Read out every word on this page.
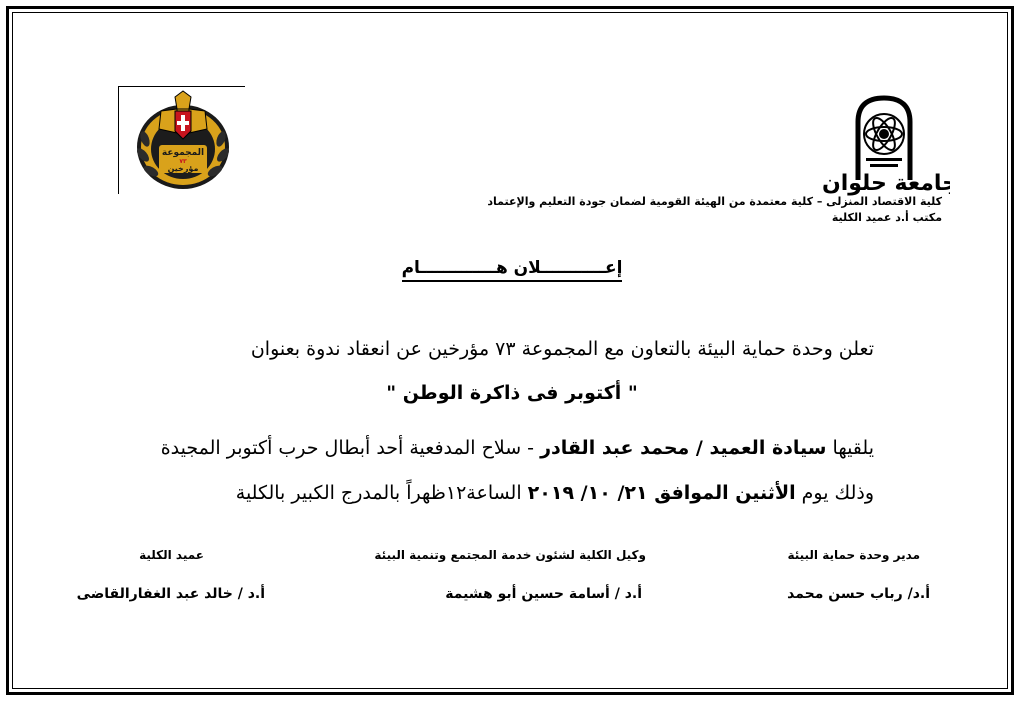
المجموعة
٧٣
مؤرخين
جامعة حلوان
كلية الاقتصاد المنزلى – كلية معتمدة من الهيئة القومية لضمان جودة التعليم والإعتماد
مكتب أ.د عميد الكلية
إعـــــــــــلان هـــــــــــــام
تعلن وحدة حماية البيئة بالتعاون مع المجموعة ٧٣ مؤرخين عن انعقاد ندوة بعنوان
" أكتوبر فى ذاكرة الوطن "
يلقيها سيادة العميد / محمد عبد القادر - سلاح المدفعية أحد أبطال حرب أكتوبر المجيدة
وذلك يوم الأثنين الموافق ٢١/ ١٠/ ٢٠١٩ الساعة١٢ظهراً بالمدرج الكبير بالكلية
مدير وحدة حماية البيئة
وكيل الكلية لشئون خدمة المجتمع وتنمية البيئة
عميد الكلية
أ.د/ رباب حسن محمد
أ.د / أسامة حسين أبو هشيمة
أ.د / خالد عبد الغفارالقاضى
